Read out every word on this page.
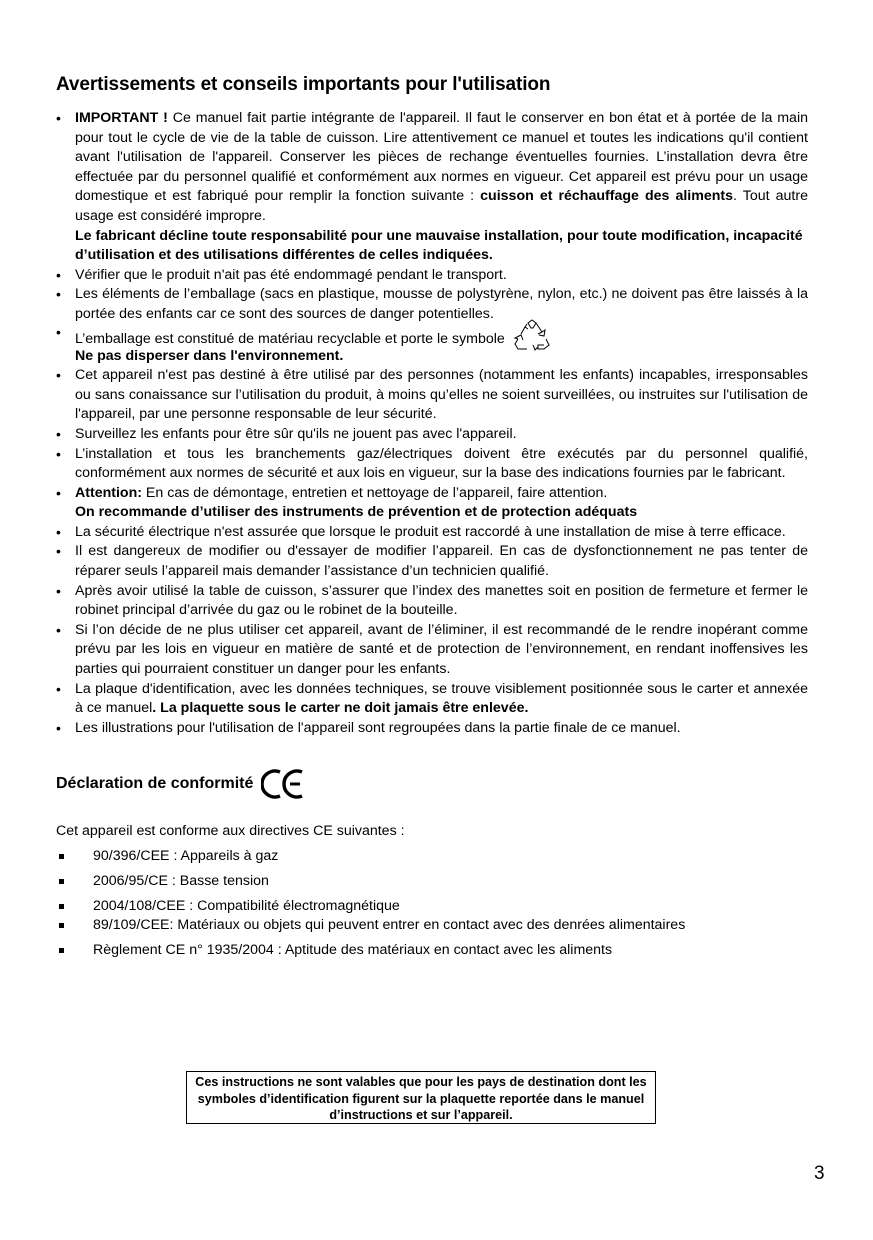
Avertissements et conseils importants pour l'utilisation
• IMPORTANT ! Ce manuel fait partie intégrante de l'appareil. Il faut le conserver en bon état et à portée de la main pour tout le cycle de vie de la table de cuisson. Lire attentivement ce manuel et toutes les indications qu'il contient avant l'utilisation de l'appareil. Conserver les pièces de rechange éventuelles fournies. L’installation devra être effectuée par du personnel qualifié et conformément aux normes en vigueur. Cet appareil est prévu pour un usage domestique et est fabriqué pour remplir la fonction suivante : cuisson et réchauffage des aliments. Tout autre usage est considéré impropre.
Le fabricant décline toute responsabilité pour une mauvaise installation, pour toute modification, incapacité d’utilisation et des utilisations différentes de celles indiquées.
• Vérifier que le produit n'ait pas été endommagé pendant le transport.
• Les éléments de l’emballage (sacs en plastique, mousse de polystyrène, nylon, etc.) ne doivent pas être laissés à la portée des enfants car ce sont des sources de danger potentielles.
• L’emballage est constitué de matériau recyclable et porte le symbole
Ne pas disperser dans l'environnement.
• Cet appareil n'est pas destiné à être utilisé par des personnes (notamment les enfants) incapables, irresponsables ou sans conaissance sur l’utilisation du produit, à moins qu’elles ne soient surveillées, ou instruites sur l'utilisation de l'appareil, par une personne responsable de leur sécurité.
• Surveillez les enfants pour être sûr qu'ils ne jouent pas avec l'appareil.
• L’installation et tous les branchements gaz/électriques doivent être exécutés par du personnel qualifié, conformément aux normes de sécurité et aux lois en vigueur, sur la base des indications fournies par le fabricant.
• Attention: En cas de démontage, entretien et nettoyage de l’appareil, faire attention.
On recommande d’utiliser des instruments de prévention et de protection adéquats
• La sécurité électrique n'est assurée que lorsque le produit est raccordé à une installation de mise à terre efficace.
• Il est dangereux de modifier ou d'essayer de modifier l’appareil. En cas de dysfonctionnement ne pas tenter de réparer seuls l’appareil mais demander l’assistance d’un technicien qualifié.
• Après avoir utilisé la table de cuisson, s’assurer que l’index des manettes soit en position de fermeture et fermer le robinet principal d’arrivée du gaz ou le robinet de la bouteille.
• Si l’on décide de ne plus utiliser cet appareil, avant de l’éliminer, il est recommandé de le rendre inopérant comme prévu par les lois en vigueur en matière de santé et de protection de l’environnement, en rendant inoffensives les parties qui pourraient constituer un danger pour les enfants.
• La plaque d'identification, avec les données techniques, se trouve visiblement positionnée sous le carter et annexée à ce manuel. La plaquette sous le carter ne doit jamais être enlevée.
• Les illustrations pour l'utilisation de l'appareil sont regroupées dans la partie finale de ce manuel.
Déclaration de conformité

Cet appareil est conforme aux directives CE suivantes :

90/396/CEE : Appareils à gaz
2006/95/CE : Basse tension
2004/108/CEE : Compatibilité électromagnétique
89/109/CEE: Matériaux ou objets qui peuvent entrer en contact avec des denrées alimentaires
Règlement CE n° 1935/2004 : Aptitude des matériaux en contact avec les aliments
Ces instructions ne sont valables que pour les pays de destination dont les symboles d’identification figurent sur la plaquette reportée dans le manuel d’instructions et sur l’appareil.
3
